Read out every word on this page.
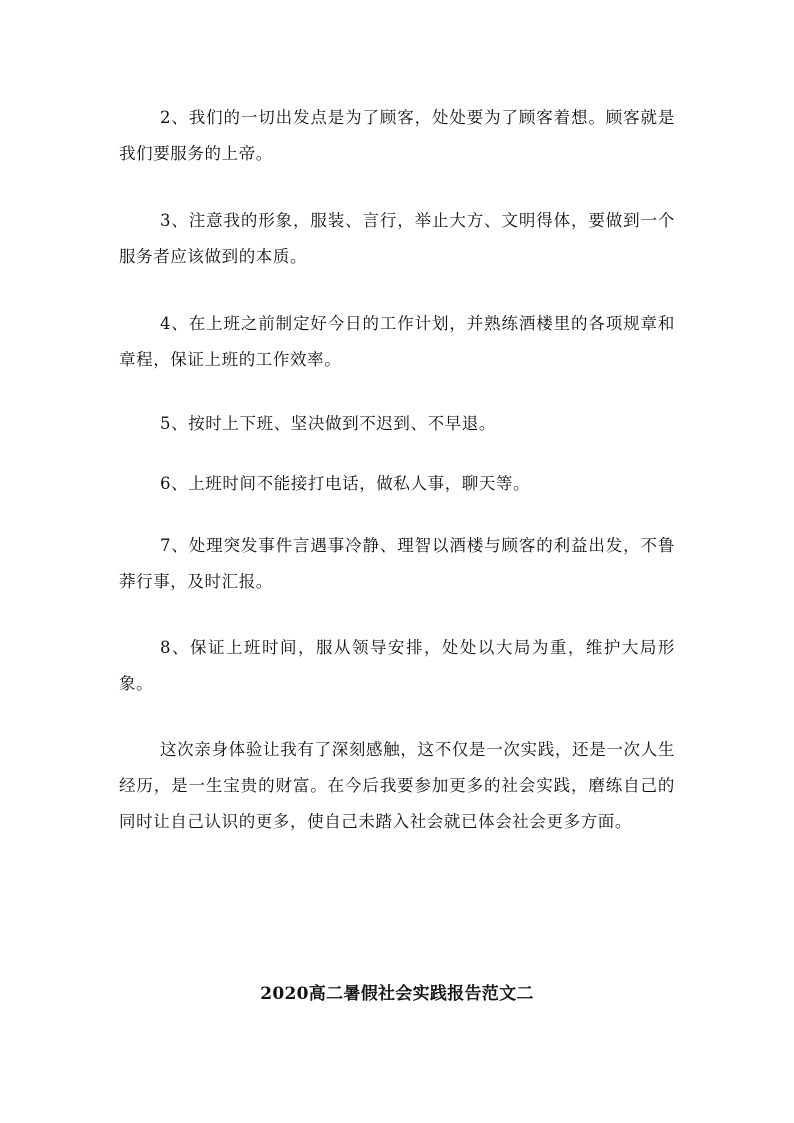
2、我们的一切出发点是为了顾客，处处要为了顾客着想。顾客就是我们要服务的上帝。

3、注意我的形象，服装、言行，举止大方、文明得体，要做到一个服务者应该做到的本质。

4、在上班之前制定好今日的工作计划，并熟练酒楼里的各项规章和章程，保证上班的工作效率。

5、按时上下班、坚决做到不迟到、不早退。

6、上班时间不能接打电话，做私人事，聊天等。

7、处理突发事件言遇事冷静、理智以酒楼与顾客的利益出发，不鲁莽行事，及时汇报。

8、保证上班时间，服从领导安排，处处以大局为重，维护大局形象。

这次亲身体验让我有了深刻感触，这不仅是一次实践，还是一次人生经历，是一生宝贵的财富。在今后我要参加更多的社会实践，磨练自己的同时让自己认识的更多，使自己未踏入社会就已体会社会更多方面。

2020高二暑假社会实践报告范文二
